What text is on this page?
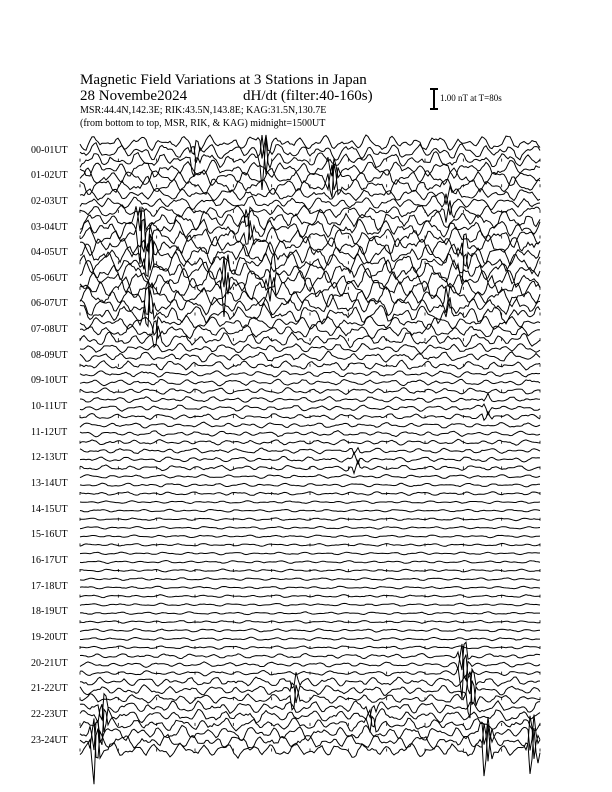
Magnetic Field Variations at 3 Stations in Japan
28 Novembe2024	dH/dt (filter:40-160s)
MSR:44.4N,142.3E; RIK:43.5N,143.8E; KAG:31.5N,130.7E
(from bottom to top, MSR, RIK, & KAG) midnight=1500UT
1.00 nT at T=80s
00-01UT
01-02UT
02-03UT
03-04UT
04-05UT
05-06UT
06-07UT
07-08UT
08-09UT
09-10UT
10-11UT
11-12UT
12-13UT
13-14UT
14-15UT
15-16UT
16-17UT
17-18UT
18-19UT
19-20UT
20-21UT
21-22UT
22-23UT
23-24UT
